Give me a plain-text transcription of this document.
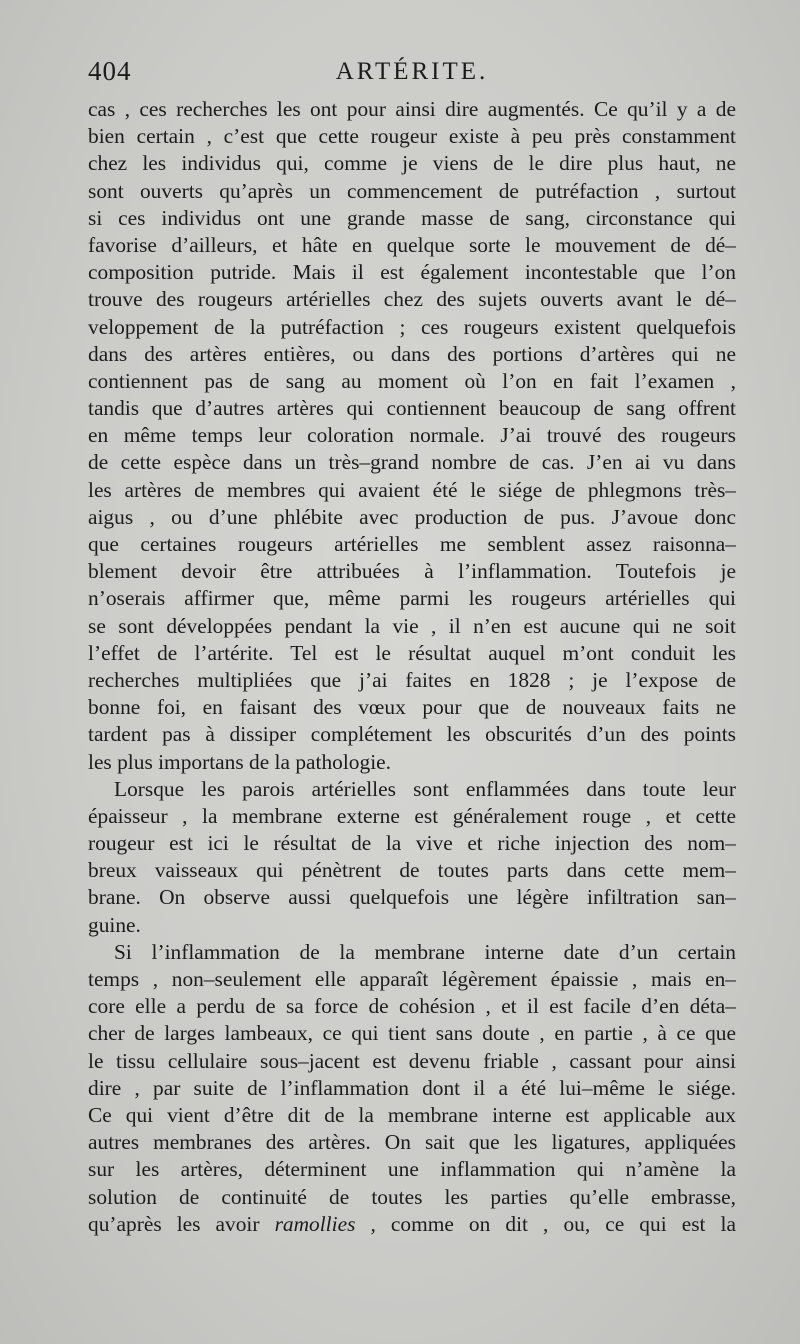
404	ARTÉRITE.
cas , ces recherches les ont pour ainsi dire augmentés. Ce qu’il y a de
bien certain , c’est que cette rougeur existe à peu près constamment
chez les individus qui, comme je viens de le dire plus haut, ne
sont ouverts qu’après un commencement de putréfaction , surtout
si ces individus ont une grande masse de sang, circonstance qui
favorise d’ailleurs, et hâte en quelque sorte le mouvement de dé–
composition putride. Mais il est également incontestable que l’on
trouve des rougeurs artérielles chez des sujets ouverts avant le dé–
veloppement de la putréfaction ; ces rougeurs existent quelquefois
dans des artères entières, ou dans des portions d’artères qui ne
contiennent pas de sang au moment où l’on en fait l’examen ,
tandis que d’autres artères qui contiennent beaucoup de sang offrent
en même temps leur coloration normale. J’ai trouvé des rougeurs
de cette espèce dans un très–grand nombre de cas. J’en ai vu dans
les artères de membres qui avaient été le siége de phlegmons très–
aigus , ou d’une phlébite avec production de pus. J’avoue donc
que certaines rougeurs artérielles me semblent assez raisonna–
blement devoir être attribuées à l’inflammation. Toutefois je
n’oserais affirmer que, même parmi les rougeurs artérielles qui
se sont développées pendant la vie , il n’en est aucune qui ne soit
l’effet de l’artérite. Tel est le résultat auquel m’ont conduit les
recherches multipliées que j’ai faites en 1828 ; je l’expose de
bonne foi, en faisant des vœux pour que de nouveaux faits ne
tardent pas à dissiper complétement les obscurités d’un des points
les plus importans de la pathologie.
Lorsque les parois artérielles sont enflammées dans toute leur
épaisseur , la membrane externe est généralement rouge , et cette
rougeur est ici le résultat de la vive et riche injection des nom–
breux vaisseaux qui pénètrent de toutes parts dans cette mem–
brane. On observe aussi quelquefois une légère infiltration san–
guine.
Si l’inflammation de la membrane interne date d’un certain
temps , non–seulement elle apparaît légèrement épaissie , mais en–
core elle a perdu de sa force de cohésion , et il est facile d’en déta–
cher de larges lambeaux, ce qui tient sans doute , en partie , à ce que
le tissu cellulaire sous–jacent est devenu friable , cassant pour ainsi
dire , par suite de l’inflammation dont il a été lui–même le siége.
Ce qui vient d’être dit de la membrane interne est applicable aux
autres membranes des artères. On sait que les ligatures, appliquées
sur les artères, déterminent une inflammation qui n’amène la
solution de continuité de toutes les parties qu’elle embrasse,
qu’après les avoir ramollies , comme on dit , ou, ce qui est la
